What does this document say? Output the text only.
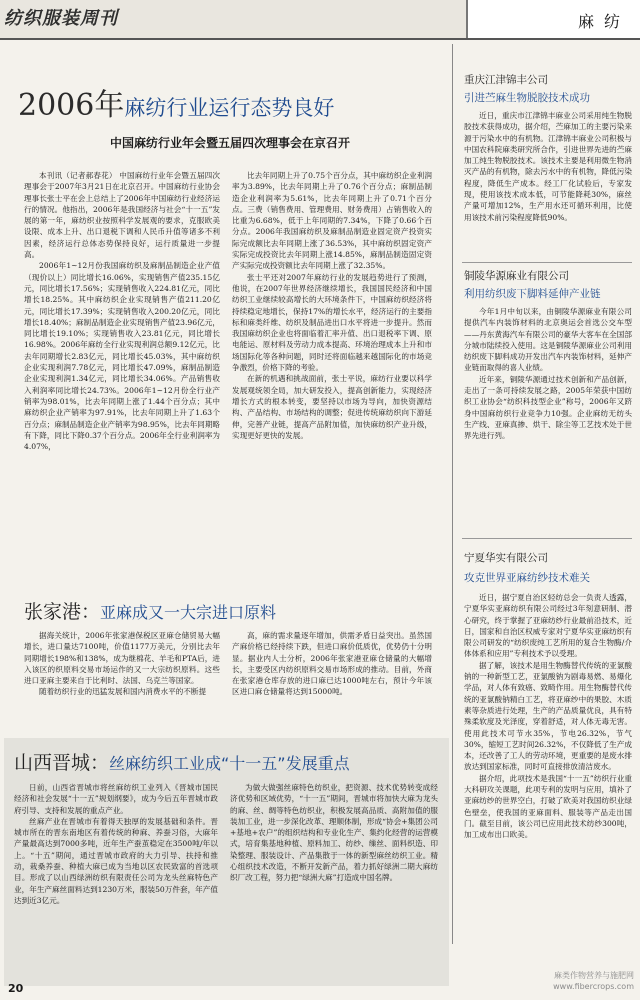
纺织服装周刊	麻纺
2006年麻纺行业运行态势良好
中国麻纺行业年会暨五届四次理事会在京召开

本刊讯（记者郝春花） 中国麻纺行业年会暨五届四次理事会于2007年3月21日在北京召开。中国麻纺行业协会理事长张士平在会上总结上了2006年中国麻纺行业经济运行的情况。他指出，2006年是我国经济与社会“十一五”发展的第一年，麻纺织业按照科学发展观的要求，克服欧美设限、成本上升、出口退税下调和人民币升值等诸多不利因素，经济运行总体态势保持良好，运行质量进一步提高。

2006年1~12月份我国麻纺织及麻制品制造企业产值（现价以上）同比增长16.06%，实现销售产值235.15亿元，同比增长17.56%；实现销售收入224.81亿元，同比增长18.25%。其中麻纺织企业实现销售产值211.20亿元，同比增长17.39%；实现销售收入200.20亿元，同比增长18.40%；麻制品制造企业实现销售产值23.96亿元，同比增长19.10%；实现销售收入23.81亿元，同比增长16.98%。2006年麻纺全行业实现利润总额9.12亿元，比去年同期增长2.83亿元，同比增长45.03%，其中麻纺织企业实现利润7.78亿元，同比增长47.09%，麻制品制造企业实现利润1.34亿元，同比增长34.06%。产品销售收入利润率同比增长24.73%。2006年1~12月份全行业产销率为98.01%，比去年同期上涨了1.44个百分点；其中麻纺织企业产销率为97.91%，比去年同期上升了1.63个百分点；麻制品制造企业产销率为98.95%，比去年同期略有下降，同比下降0.37个百分点。2006年全行业利润率为4.07%，

比去年同期上升了0.75个百分点，其中麻纺织企业利润率为3.89%，比去年同期上升了0.76个百分点；麻制品制造企业利润率为5.61%，比去年同期上升了0.71个百分点。三费（销售费用、管理费用、财务费用）占销售收入的比重为6.68%，低于上年同期的7.34%，下降了0.66个百分点。2006年我国麻纺织及麻制品制造业固定资产投资实际完成额比去年同期上涨了36.53%，其中麻纺织固定资产实际完成投资比去年同期上涨14.85%，麻制品制造固定资产实际完成投资额比去年同期上涨了32.35%。

张士平还对2007年麻纺行业的发展趋势进行了预测，他说，在2007年世界经济继续增长，我国国民经济和中国纺织工业继续较高增长的大环境条件下，中国麻纺织经济将持续稳定地增长，保持17%的增长水平，经济运行的主要指标和麻类纤维、纺织及制品进出口水平将进一步提升。然而我国麻纺织企业也将面临着汇率升值、出口退税率下调、原电能运、原材料及劳动力成本提高、环境治理成本上升和市场国际化等各种问题，同时还将面临越来越国际化的市场竞争激烈，价格下降的考验。

在新的机遇和挑战面前，张士平说，麻纺行业要以科学发展观统领全局，加大研发投入，提高创新能力，实现经济增长方式的根本转变，要坚持以市场为导向，加快资源结构、产品结构、市场结构的调整；促进传统麻纺织向下游延伸，完善产业链，提高产品附加值，加快麻纺织产业升级，实现更好更快的发展。

张家港：亚麻成又一大宗进口原料

据海关统计，2006年张家港保税区亚麻仓储贸易大幅增长，进口量达7100吨，价值1177万美元，分别比去年同期增长198%和138%，成为继棉花、羊毛和PTA后，进入该区的织原料交易市场运作的又一大宗纺织原料。这些进口亚麻主要来自于比利时、法国、乌克兰等国家。

随着纺织行业的迅猛发展和国内消费水平的不断提

高，麻的需求量逐年增加，供需矛盾日益突出。虽然国产麻价格已经持续下跌，但进口麻价低质优，优势仍十分明显。据业内人士分析，2006年张家港亚麻仓储量的大幅增长，主要受区内纺织原料交易市场形成的推动。目前，外商在张家港仓库存放的进口麻已达1000吨左右，预计今年该区进口麻仓储量将达到15000吨。

山西晋城：丝麻纺织工业成“十一五”发展重点

日前，山西省晋城市将丝麻纺织工业列入《晋城市国民经济和社会发展“十一五”规划纲要》，成为今后五年晋城市政府引导、支持和发展的重点产业。

丝麻产业在晋城市有着得天独厚的发展基础和条件。晋城市所在的晋东南地区有着传统的种麻、养蚕习俗，大麻年产量最高达到7000多吨，近年生产蚕茧稳定在3500吨/年以上。“十五”期间，通过晋城市政府的大力引导、扶持和推动，栽桑养蚕、种植大麻已成为当地以区农民致富的首选项目。形成了以山西绿洲纺织有限责任公司为龙头丝麻特色产业，年生产麻丝面料达到1230万米，服装50万件套，年产值达到近3亿元。

为做大做强丝麻特色纺织业，把资源、技术优势转变成经济优势和区域优势，“十一五”期间，晋城市将加快大麻为龙头的麻、丝、绸等特色纺织业，积极发展高品质、高附加值的服装加工业，进一步深化改革、理顺体制，形成“协会+集团公司+基地+农户”的组织结构和专业化生产、集约化经营的运营模式，培育集基地种植、原料加工、纺纱、缫丝、面料织造、印染整理、服装设计、产品集散于一体的新型麻丝纺织工业。精心组织技术改造，不断开发新产品，着力抓好绿洲二期大麻纺织厂改工程，努力把“绿洲大麻”打造成中国名牌。

重庆江津锦丰公司
引进苎麻生物脱胶技术成功

近日，重庆市江津锦丰麻业公司采用纯生物脱胶技术获得成功，据介绍，苎麻加工的主要污染来源于污染水中的有机物。江津锦丰麻业公司积极与中国农科院麻类研究所合作，引进世界先进的苎麻加工纯生物脱胶技术。该技术主要是利用微生物消灭产品的有机物，除去污水中的有机物，降低污染程度，降低生产成本。经工厂化试验后，专家发现，使用该技术成本低，可节能降耗30%，麻丝产量可增加12%，生产用水还可循环利用，比使用该技术前污染程度降低90%。

铜陵华源麻业有限公司
利用纺织废下脚料延伸产业链

今年1月中旬以来，由铜陵华源麻业有限公司提供汽车内装饰材料的北京奥运会首选公交车型——丹东黄海汽车有限公司的豪华大客车在全国部分城市陆续投入使用。这是铜陵华源麻业公司利用纺织废下脚料成功开发出汽车内装饰材料，延伸产业链而取得的喜人业绩。

近年来，铜陵华源通过技术创新和产品创新，走出了一条可持续发展之路，2005年荣获中国纺织工业协会“纺织科技型企业”称号，2006年又跻身中国麻纺织行业竞争力10强。企业麻纺无纺头生产线、亚麻真掺、烘干、除尘等工艺技术处于世界先进行列。

宁夏华实有限公司
攻克世界亚麻纺纱技术难关

近日，据宁夏自治区轻纺总会一负责人透露，宁夏华实亚麻纺织有限公司经过3年刻意研制、潜心研究，终于掌握了亚麻纺纱行业最前沿技术，近日，国家和自治区权威专家对宁夏华实亚麻纺织有限公司研发的“纺织废纯工艺所用的复合生物酶/介体体系和应用”专利技术予以受理。

据了解，该技术是用生物酶替代传统的亚氯酸钠的一种新型工艺，亚氯酸钠为剧毒易燃、易爆化学品，对人体有致癌、致畸作用。用生物酶替代传统的亚氯酸钠精白工艺，将亚麻纱中的果胶、木质素等杂质进行处理，生产的产品质量优良，具有特殊柔软度及光泽度，穿着舒适，对人体无毒无害。使用此技术可节水35%，节电26.32%，节气30%，缩短工艺时间26.32%，不仅降低了生产成本，还改善了工人的劳动环境，更重要的是废水排放达到国家标准，同时可直接排放清洁废水。

据介绍，此项技术是我国“十一五”纺织行业重大科研攻关课题，此项专利的发明与应用，填补了亚麻纺纱的世界空白，打破了欧美对我国纺织业绿色壁垒，使我国的亚麻面料、服装等产品走出国门。截至目前，该公司已应用此技术纺纱300吨，加工成布出口欧美。

20
麻类作物营养与施肥网
www.fibercrops.com
